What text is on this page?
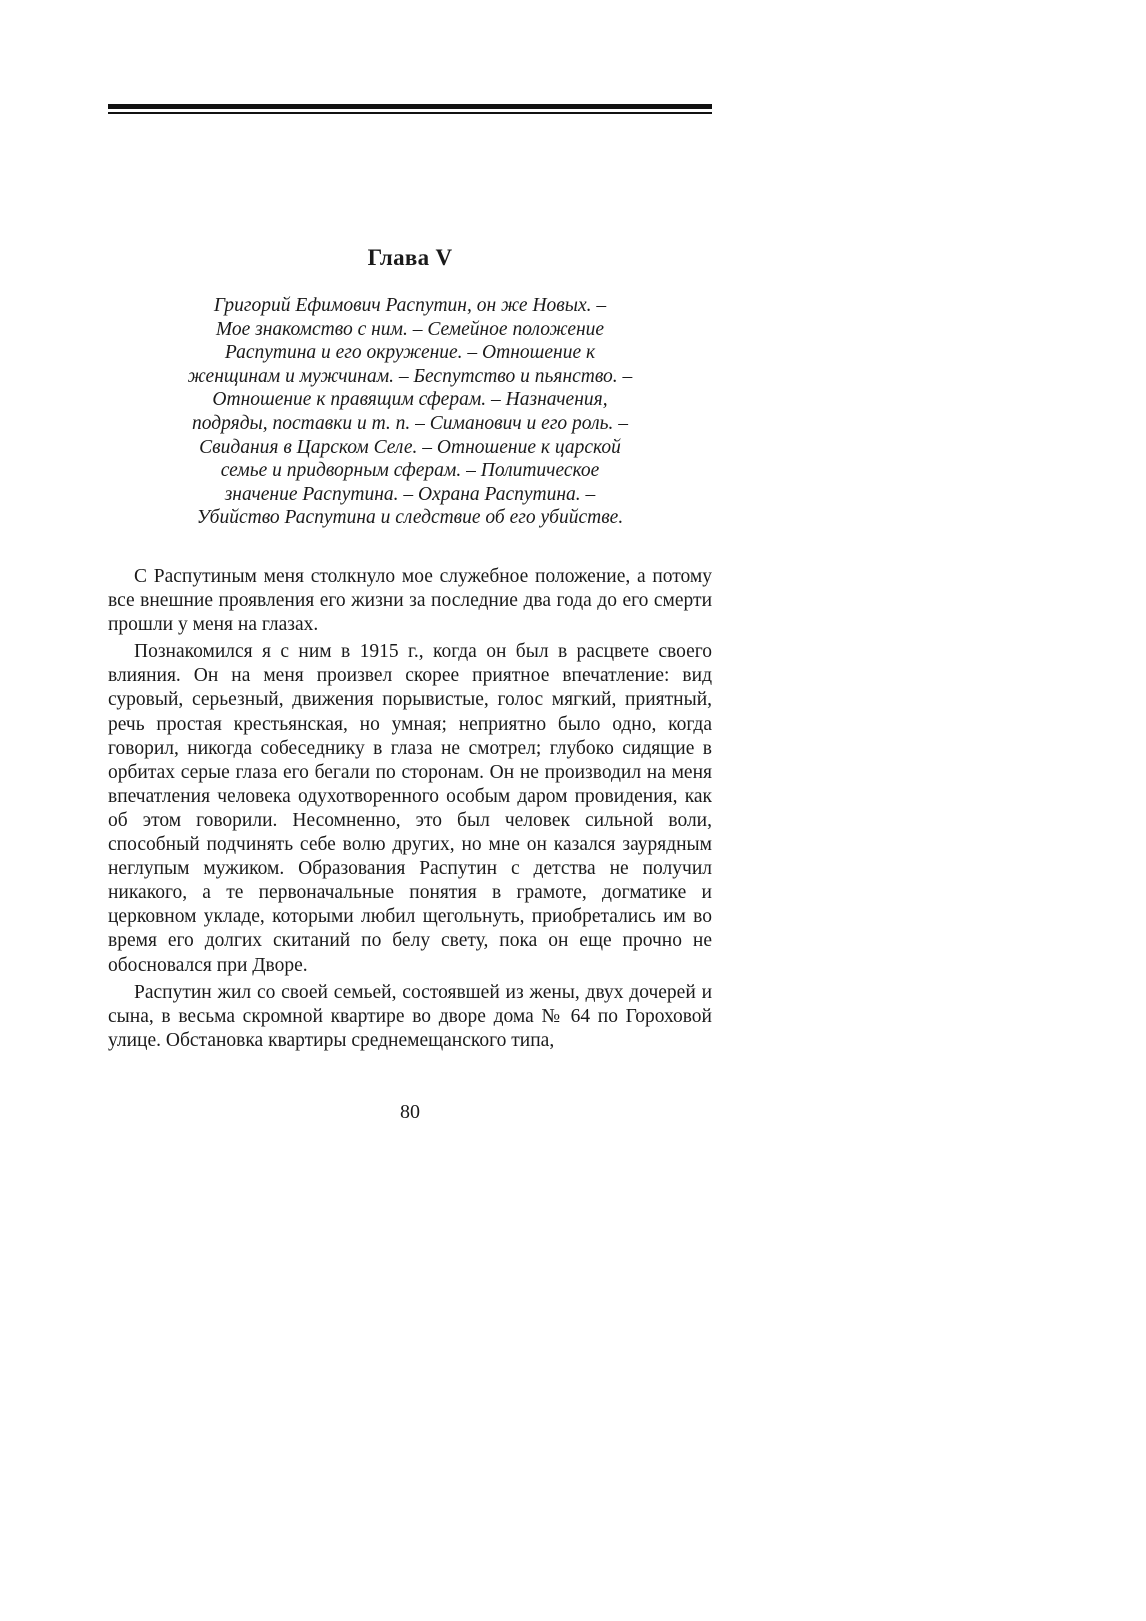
Глава V
Григорий Ефимович Распутин, он же Новых. –
Мое знакомство с ним. – Семейное положение
Распутина и его окружение. – Отношение к
женщинам и мужчинам. – Беспутство и пьянство. –
Отношение к правящим сферам. – Назначения,
подряды, поставки и т. п. – Симанович и его роль. –
Свидания в Царском Селе. – Отношение к царской
семье и придворным сферам. – Политическое
значение Распутина. – Охрана Распутина. –
Убийство Распутина и следствие об его убийстве.

С Распутиным меня столкнуло мое служебное положение, а потому все внешние проявления его жизни за последние два года до его смерти прошли у меня на глазах.

Познакомился я с ним в 1915 г., когда он был в расцвете своего влияния. Он на меня произвел скорее приятное впечатление: вид суровый, серьезный, движения порывистые, голос мягкий, приятный, речь простая крестьянская, но умная; неприятно было одно, когда говорил, никогда собеседнику в глаза не смотрел; глубоко сидящие в орбитах серые глаза его бегали по сторонам. Он не производил на меня впечатления человека одухотворенного особым даром провидения, как об этом говорили. Несомненно, это был человек сильной воли, способный подчинять себе волю других, но мне он казался заурядным неглупым мужиком. Образования Распутин с детства не получил никакого, а те первоначальные понятия в грамоте, догматике и церковном укладе, которыми любил щегольнуть, приобретались им во время его долгих скитаний по белу свету, пока он еще прочно не обосновался при Дворе.

Распутин жил со своей семьей, состоявшей из жены, двух дочерей и сына, в весьма скромной квартире во дворе дома № 64 по Гороховой улице. Обстановка квартиры среднемещанского типа,

80
